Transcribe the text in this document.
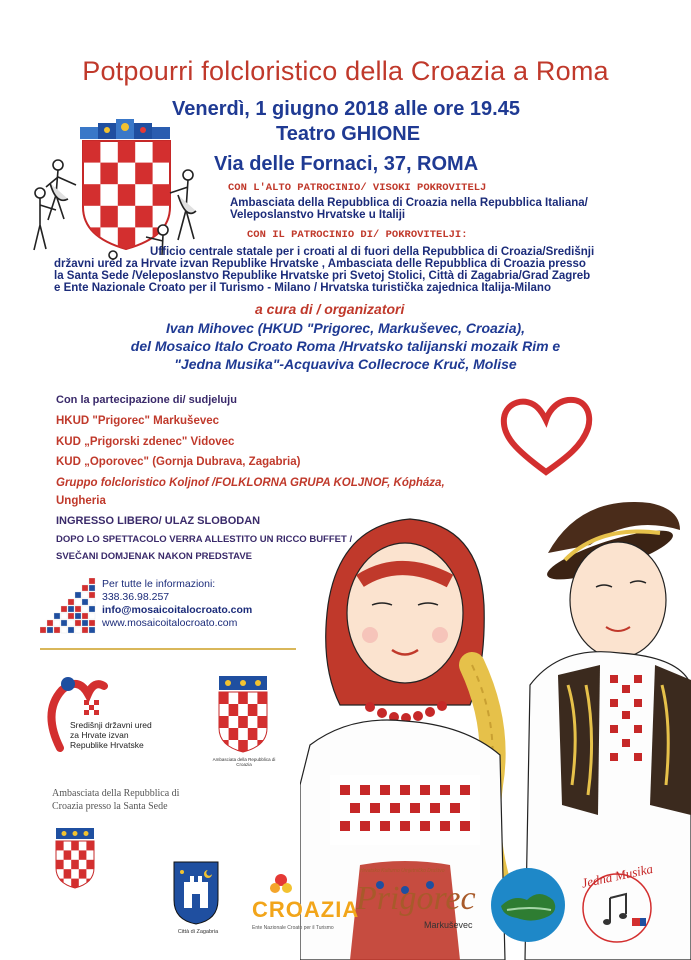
Potpourri folcloristico della Croazia a Roma
Venerdì, 1 giugno 2018 alle ore 19.45
Teatro GHIONE
Via delle Fornaci, 37, ROMA
CON L'ALTO PATROCINIO/ VISOKI POKROVITELJ
Ambasciata della Repubblica di Croazia nella Repubblica Italiana/
Veleposlanstvo Hrvatske u Italiji
CON IL PATROCINIO DI/ POKROVITELJI:
Ufficio centrale statale per i croati al di fuori della Repubblica di Croazia/Središnji
državni ured za Hrvate izvan Republike Hrvatske , Ambasciata delle Repubblica di Croazia presso
la Santa Sede /Veleposlanstvo Republike Hrvatske pri Svetoj Stolici, Città di Zagabria/Grad Zagreb
e Ente Nazionale Croato per il Turismo - Milano / Hrvatska turistička zajednica Italija-Milano
a cura di / organizatori
Ivan Mihovec (HKUD "Prigorec, Markuševec, Croazia),
del Mosaico Italo Croato Roma /Hrvatsko talijanski mozaik Rim e
"Jedna Musika"-Acquaviva Collecroce Kruč, Molise
Con la partecipazione di/ sudjeluju
HKUD "Prigorec" Markuševec
KUD „Prigorski zdenec" Vidovec
KUD „Oporovec" (Gornja Dubrava, Zagabria)
Gruppo folcloristico Koljnof /FOLKLORNA GRUPA KOLJNOF, Kópháza,
Ungheria
INGRESSO LIBERO/ ULAZ SLOBODAN
DOPO LO SPETTACOLO VERRA ALLESTITO UN RICCO BUFFET /
SVEČANI DOMJENAK NAKON PREDSTAVE
Per tutte le informazioni:
338.36.98.257
info@mosaicoitalocroato.com
www.mosaicoitalocroato.com
Središnji državni ured
za Hrvate izvan
Republike Hrvatske
Ambasciata della Repubblica di Croazia
Ambasciata della Repubblica di
Croazia presso la Santa Sede
Città di Zagabria
CROAZIA
Ente Nazionale Croato per il Turismo
Hrvatsko Kulturno Umjetničko Društvo
Prigorec
Markuševec
Jedna Musika
